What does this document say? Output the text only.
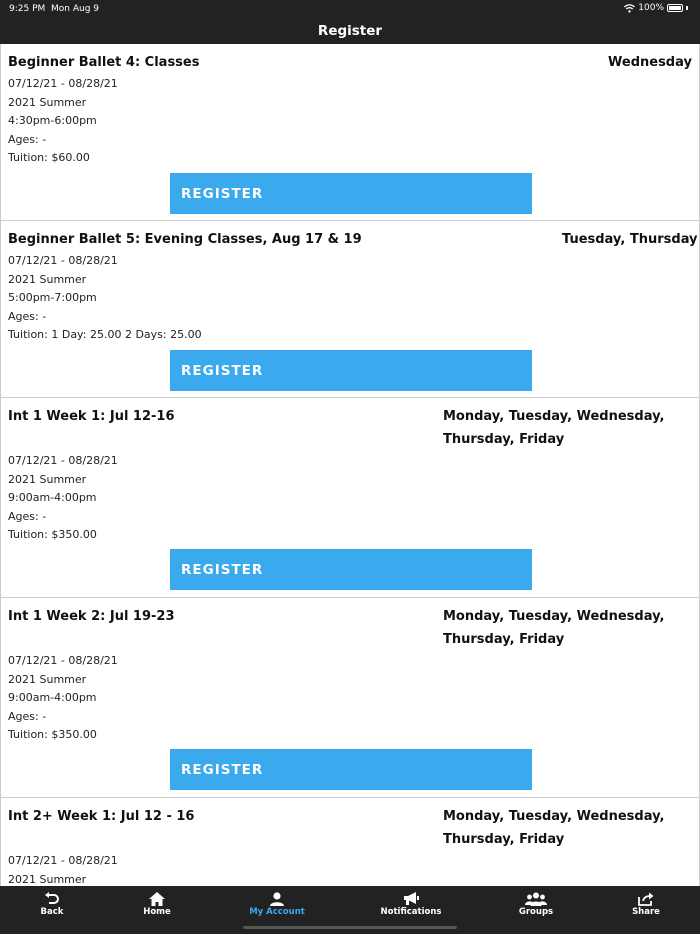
9:25 PM Mon Aug 9	100%
Register
Beginner Ballet 4: Classes	Wednesday
07/12/21 - 08/28/21
2021 Summer
4:30pm-6:00pm
Ages: -
Tuition: $60.00
REGISTER
Beginner Ballet 5: Evening Classes, Aug 17 & 19	Tuesday, Thursday
07/12/21 - 08/28/21
2021 Summer
5:00pm-7:00pm
Ages: -
Tuition: 1 Day: 25.00 2 Days: 25.00
REGISTER
Int 1 Week 1: Jul 12-16	Monday, Tuesday, Wednesday,
Thursday, Friday
07/12/21 - 08/28/21
2021 Summer
9:00am-4:00pm
Ages: -
Tuition: $350.00
REGISTER
Int 1 Week 2: Jul 19-23	Monday, Tuesday, Wednesday,
Thursday, Friday
07/12/21 - 08/28/21
2021 Summer
9:00am-4:00pm
Ages: -
Tuition: $350.00
REGISTER
Int 2+ Week 1: Jul 12 - 16	Monday, Tuesday, Wednesday,
Thursday, Friday
07/12/21 - 08/28/21
2021 Summer
Back	Home	My Account	Notifications	Groups	Share
